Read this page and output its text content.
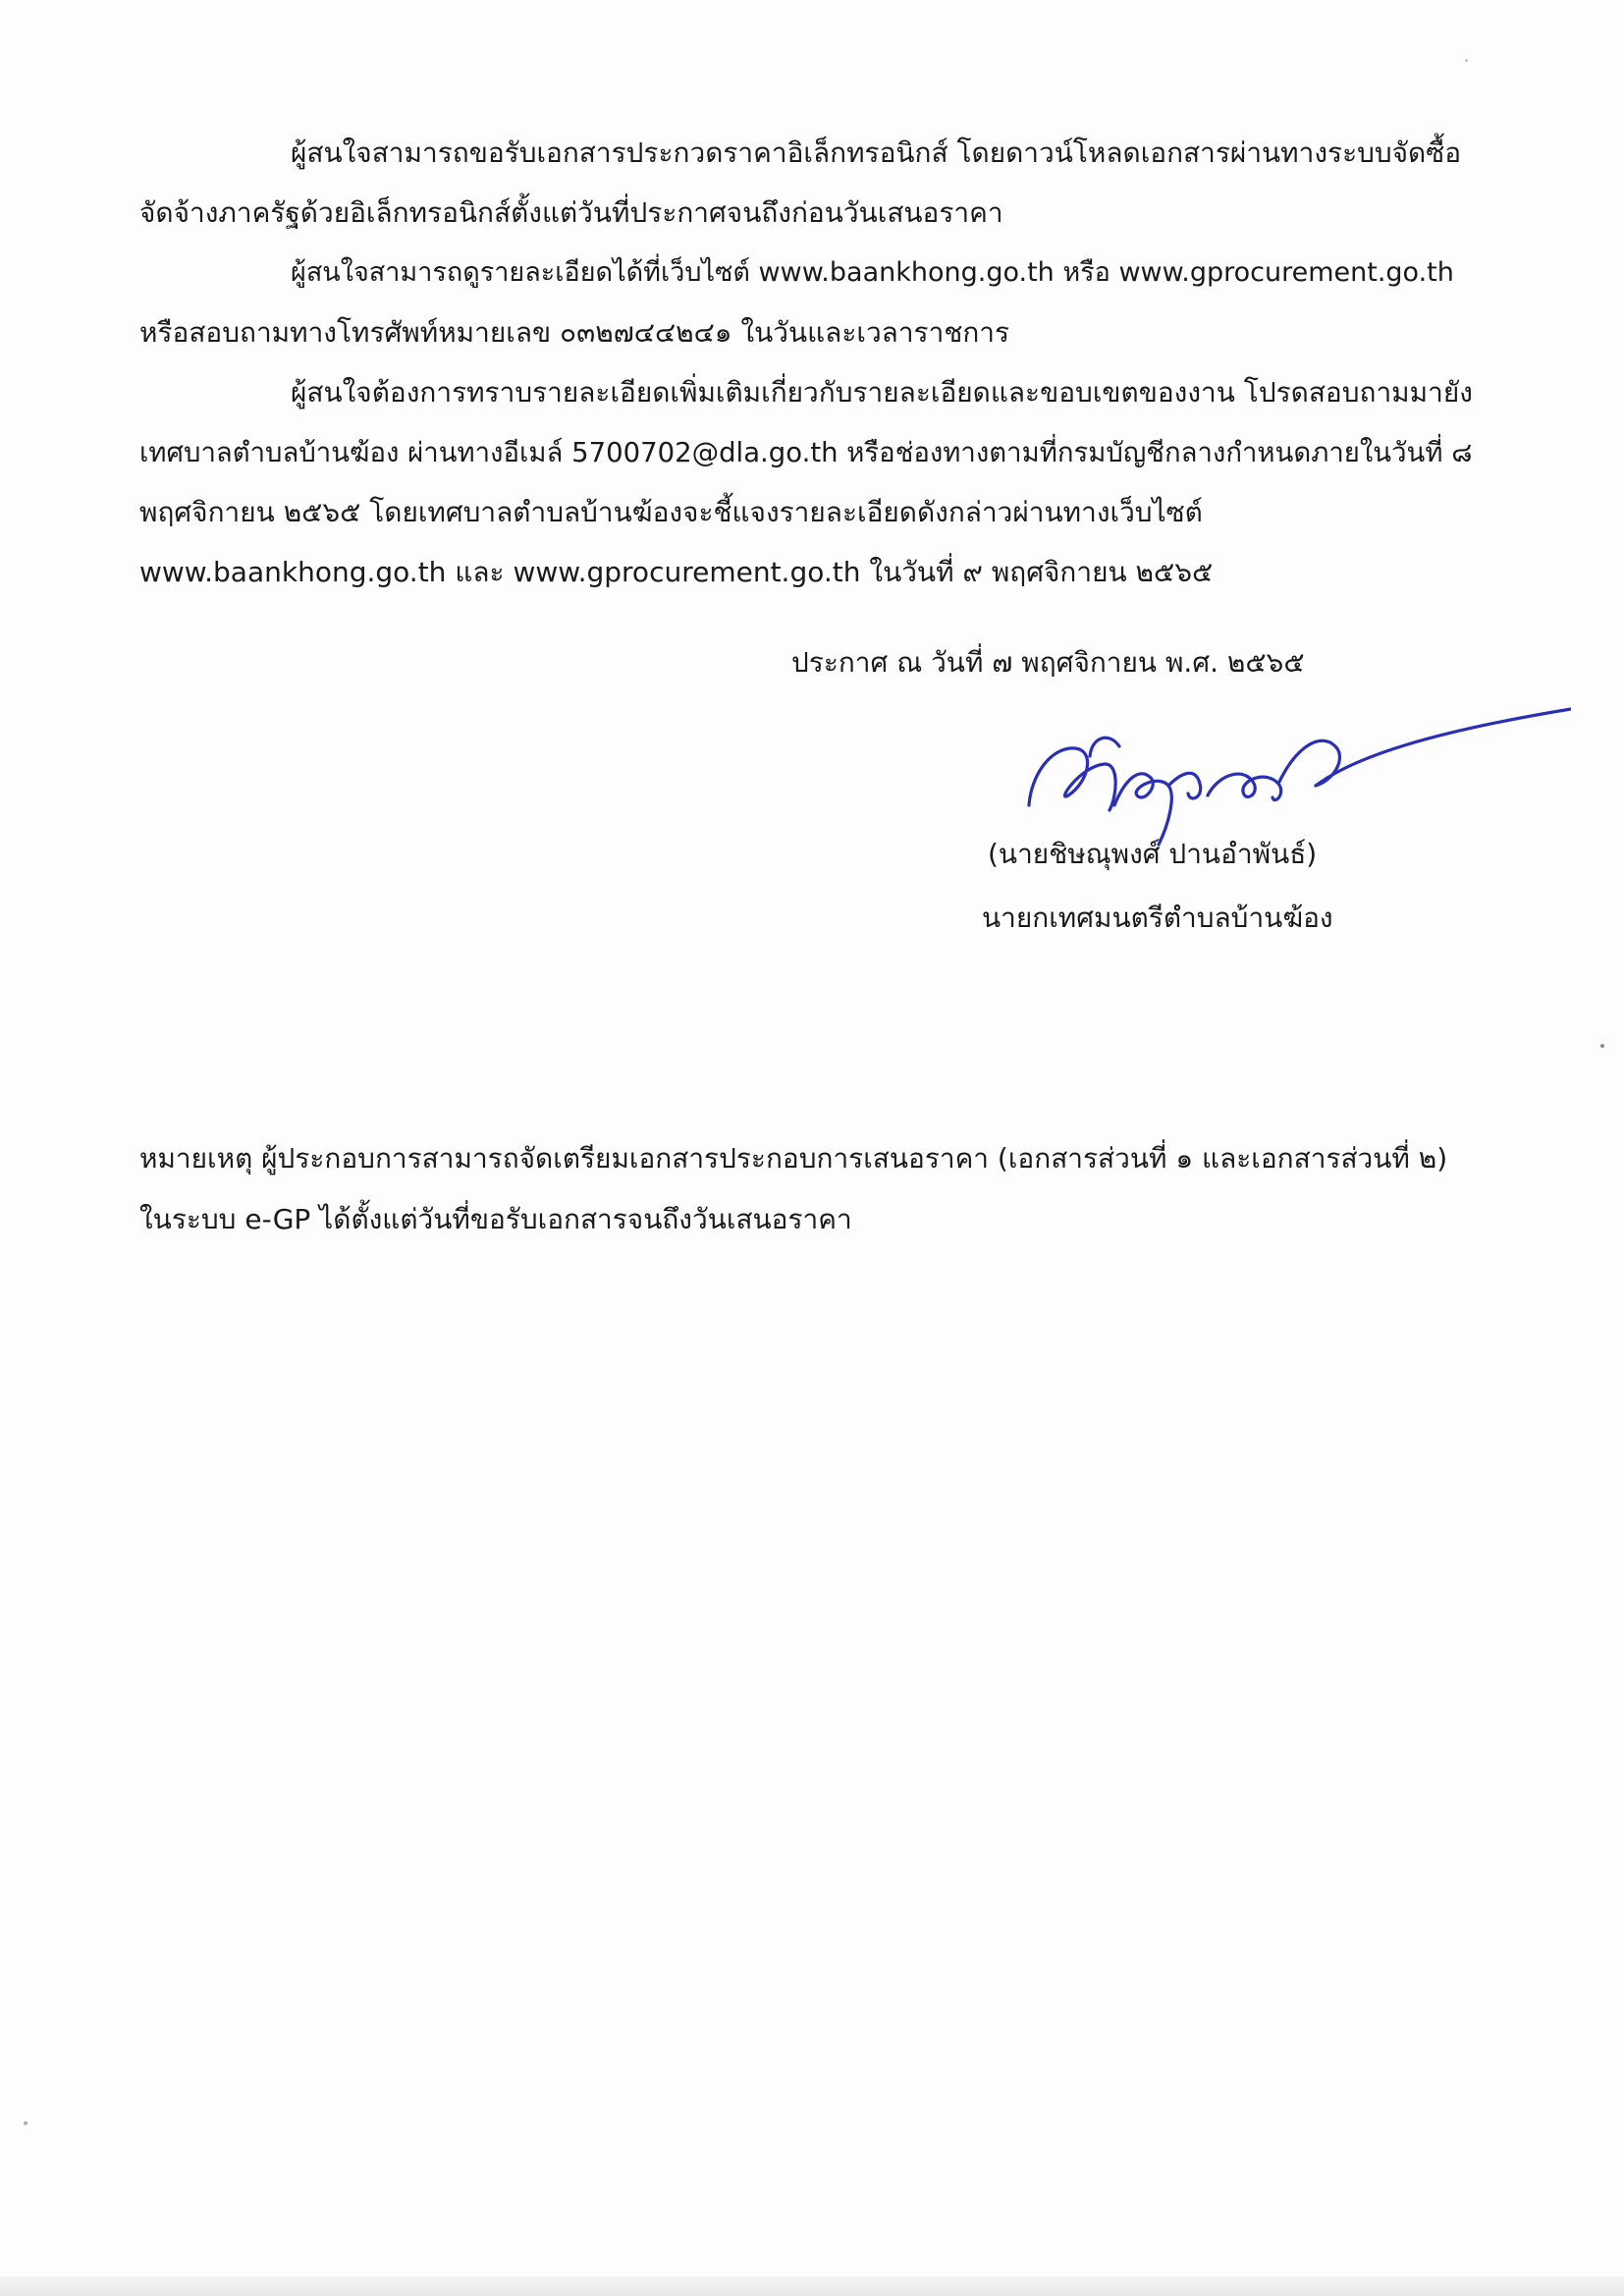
ผู้สนใจสามารถขอรับเอกสารประกวดราคาอิเล็กทรอนิกส์ โดยดาวน์โหลดเอกสารผ่านทางระบบจัดซื้อ
จัดจ้างภาครัฐด้วยอิเล็กทรอนิกส์ตั้งแต่วันที่ประกาศจนถึงก่อนวันเสนอราคา
ผู้สนใจสามารถดูรายละเอียดได้ที่เว็บไซต์ www.baankhong.go.th หรือ www.gprocurement.go.th
หรือสอบถามทางโทรศัพท์หมายเลข ๐๓๒๗๔๔๒๔๑ ในวันและเวลาราชการ
ผู้สนใจต้องการทราบรายละเอียดเพิ่มเติมเกี่ยวกับรายละเอียดและขอบเขตของงาน โปรดสอบถามมายัง
เทศบาลตำบลบ้านฆ้อง ผ่านทางอีเมล์ 5700702@dla.go.th หรือช่องทางตามที่กรมบัญชีกลางกำหนดภายในวันที่ ๘
พฤศจิกายน ๒๕๖๕ โดยเทศบาลตำบลบ้านฆ้องจะชี้แจงรายละเอียดดังกล่าวผ่านทางเว็บไซต์
www.baankhong.go.th และ www.gprocurement.go.th ในวันที่ ๙ พฤศจิกายน ๒๕๖๕
ประกาศ ณ วันที่ ๗ พฤศจิกายน พ.ศ. ๒๕๖๕
(นายชิษณุพงศ์ ปานอำพันธ์)
นายกเทศมนตรีตำบลบ้านฆ้อง
หมายเหตุ ผู้ประกอบการสามารถจัดเตรียมเอกสารประกอบการเสนอราคา (เอกสารส่วนที่ ๑ และเอกสารส่วนที่ ๒)
ในระบบ e-GP ได้ตั้งแต่วันที่ขอรับเอกสารจนถึงวันเสนอราคา
